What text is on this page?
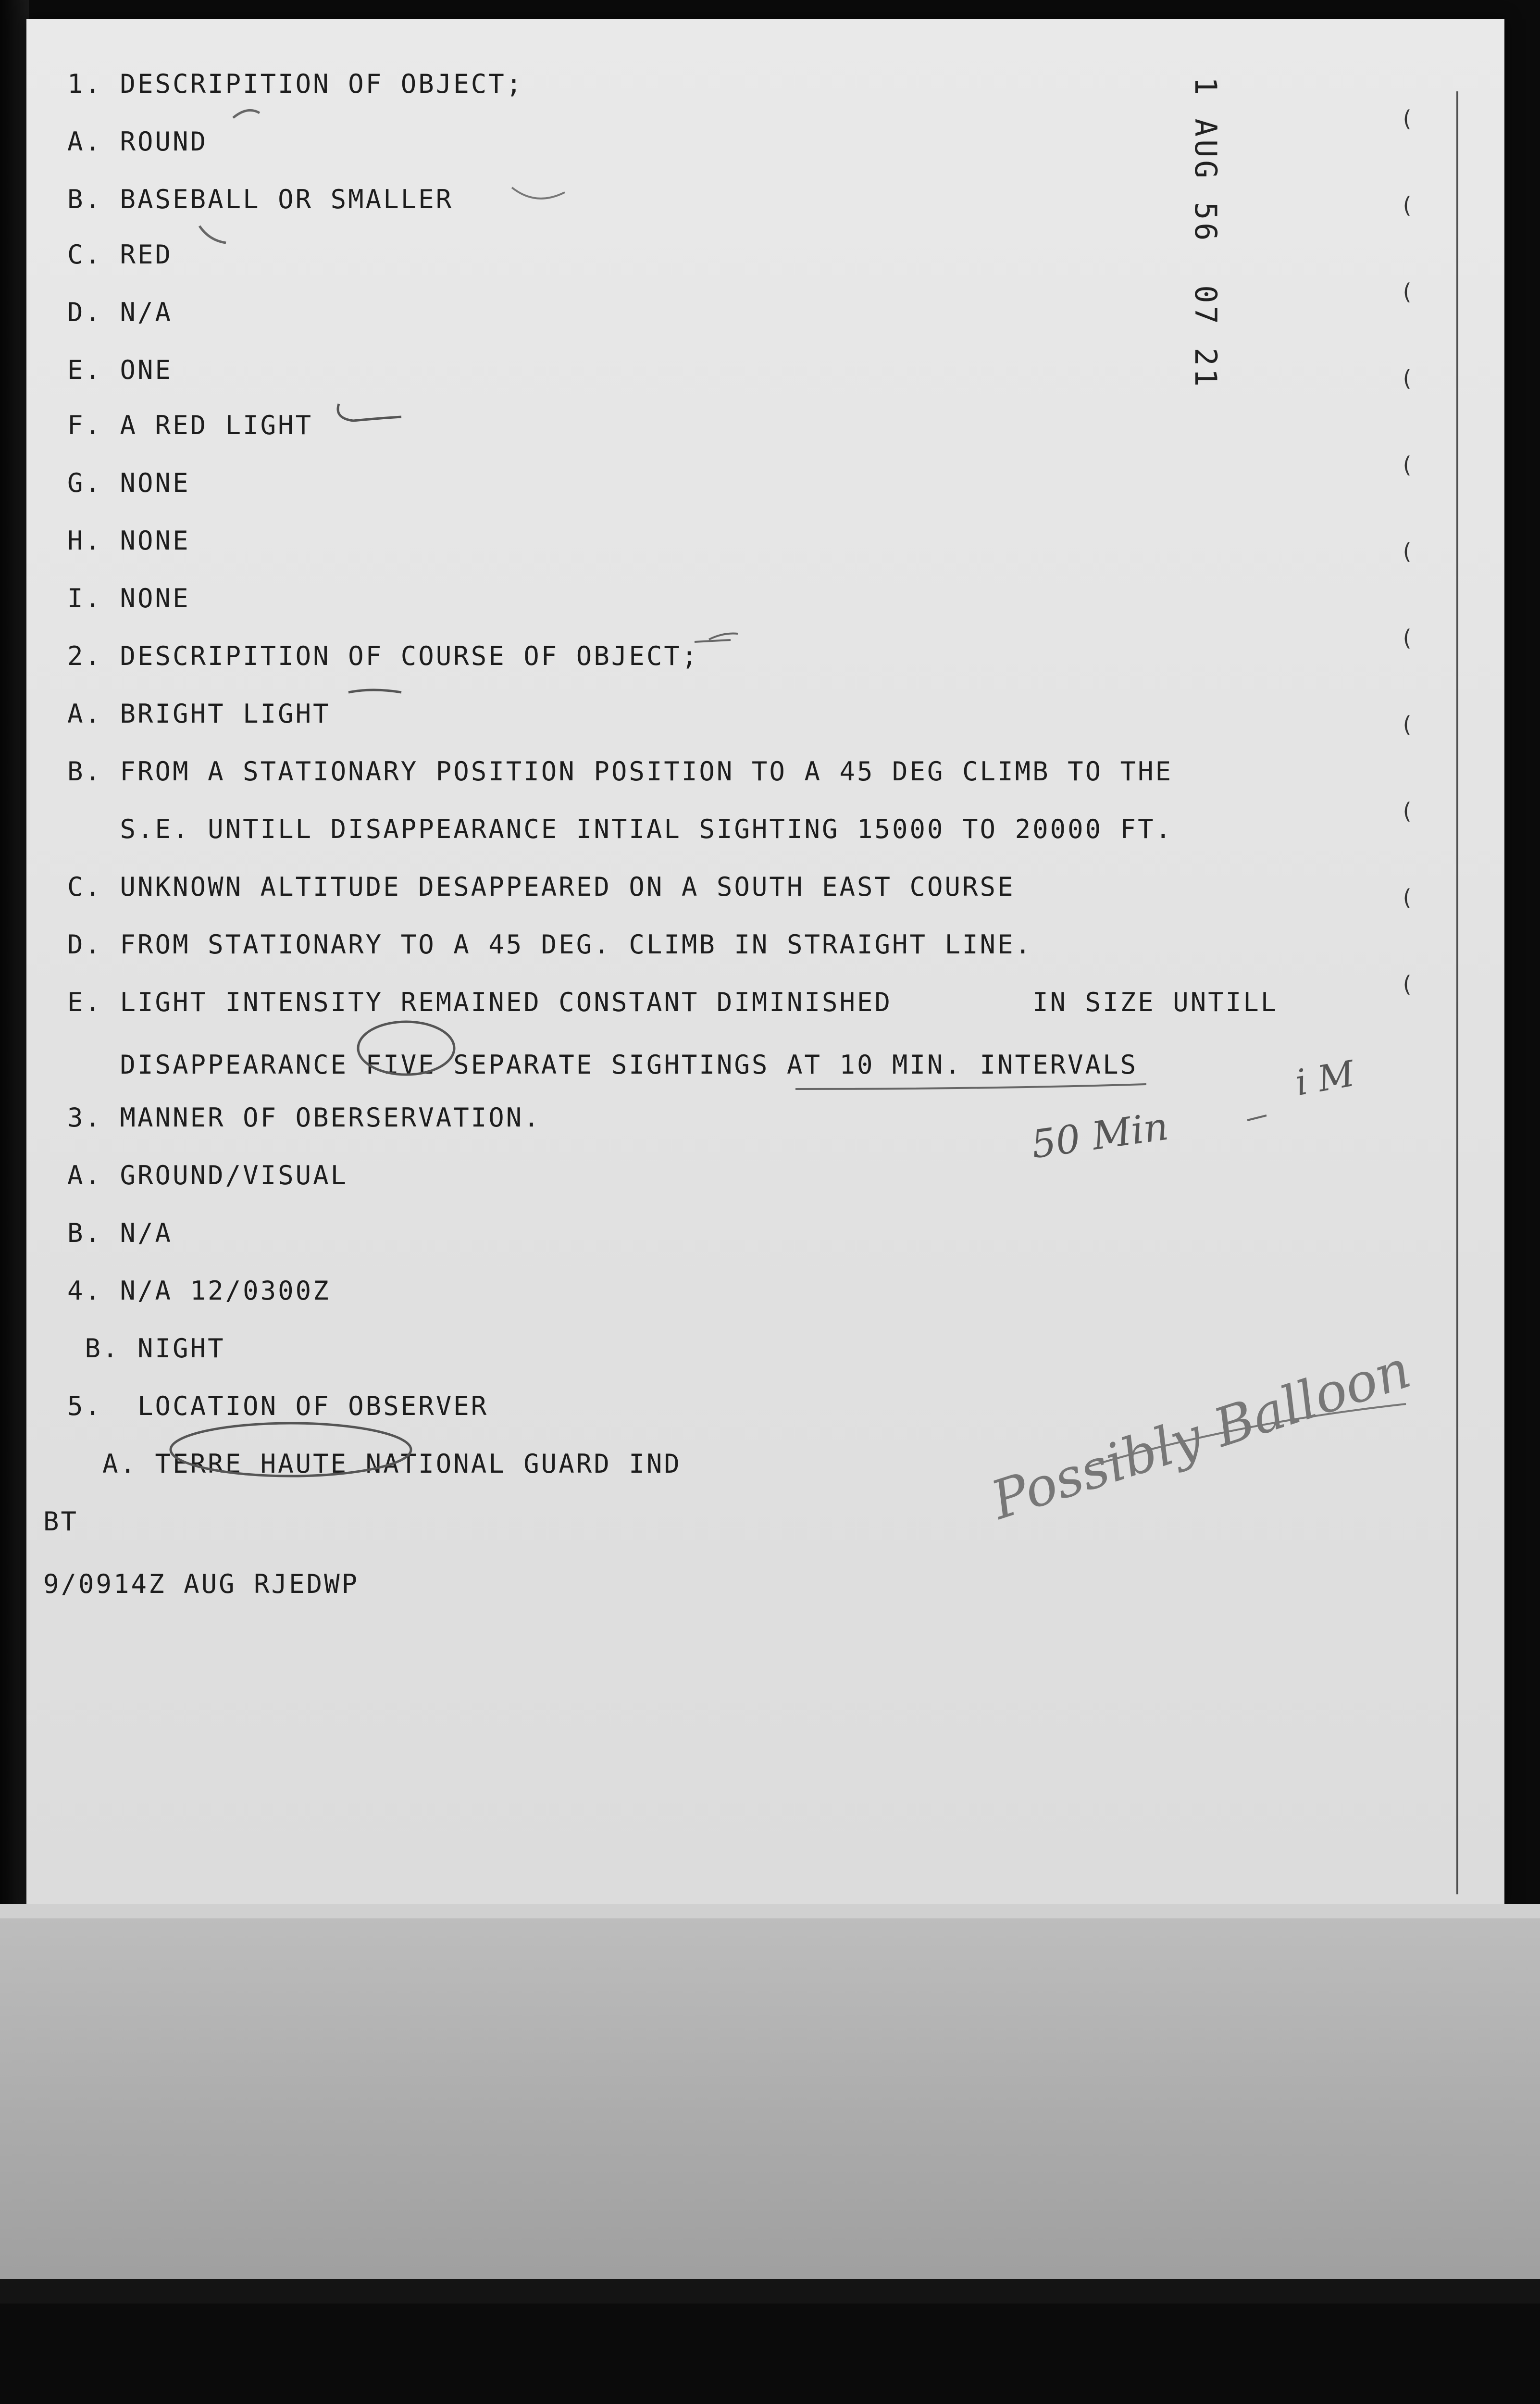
1. DESCRIPITION OF OBJECT;
A. ROUND
B. BASEBALL OR SMALLER
C. RED
D. N/A
E. ONE
F. A RED LIGHT
G. NONE
H. NONE
I. NONE
2. DESCRIPITION OF COURSE OF OBJECT;
A. BRIGHT LIGHT
B. FROM A STATIONARY POSITION POSITION TO A 45 DEG CLIMB TO THE
S.E. UNTILL DISAPPEARANCE INTIAL SIGHTING 15000 TO 20000 FT.
C. UNKNOWN ALTITUDE DESAPPEARED ON A SOUTH EAST COURSE
D. FROM STATIONARY TO A 45 DEG. CLIMB IN STRAIGHT LINE.
E. LIGHT INTENSITY REMAINED CONSTANT DIMINISHED        IN SIZE UNTILL
DISAPPEARANCE FIVE SEPARATE SIGHTINGS AT 10 MIN. INTERVALS
3. MANNER OF OBERSERVATION.
A. GROUND/VISUAL
B. N/A
4. N/A 12/0300Z
B. NIGHT
5.  LOCATION OF OBSERVER
A. TERRE HAUTE NATIONAL GUARD IND
BT
9/0914Z AUG RJEDWP
1 AUG 56  07 21	(
(
(
(
(
(
(
(
(
(
(
50 Min
i M
Possibly Balloon
